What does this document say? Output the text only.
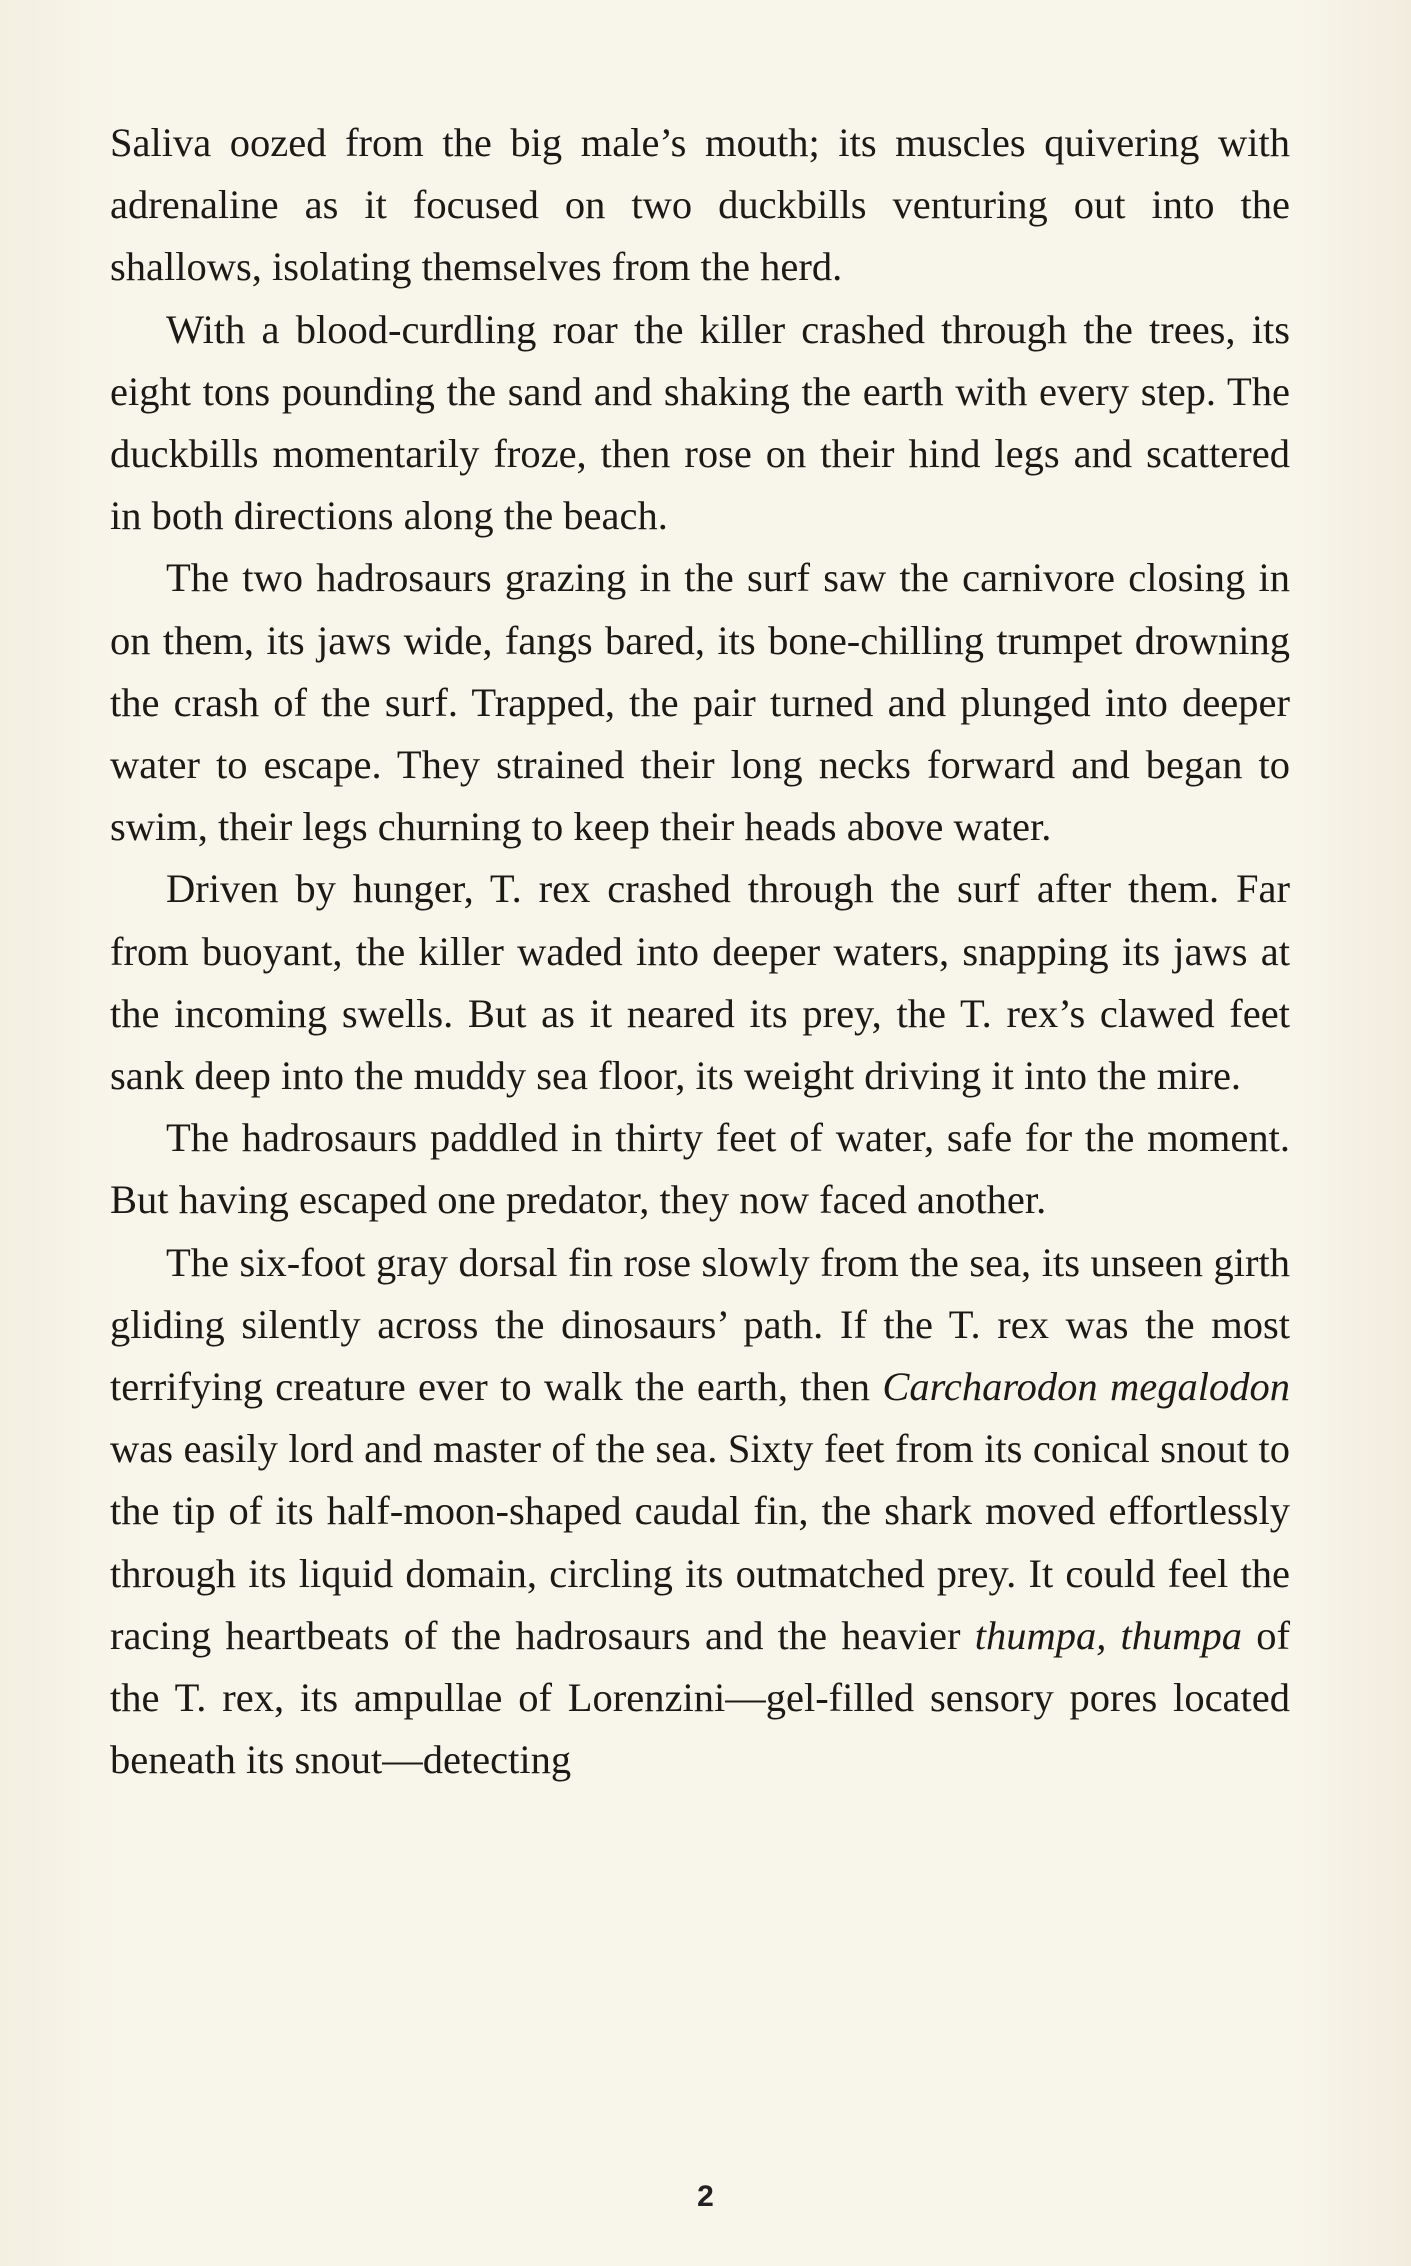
Saliva oozed from the big male’s mouth; its muscles quivering with adrenaline as it focused on two duckbills venturing out into the shallows, isolating themselves from the herd.

With a blood-curdling roar the killer crashed through the trees, its eight tons pounding the sand and shaking the earth with every step. The duckbills momentarily froze, then rose on their hind legs and scattered in both directions along the beach.

The two hadrosaurs grazing in the surf saw the carnivore closing in on them, its jaws wide, fangs bared, its bone-chilling trumpet drowning the crash of the surf. Trapped, the pair turned and plunged into deeper water to escape. They strained their long necks forward and began to swim, their legs churning to keep their heads above water.

Driven by hunger, T. rex crashed through the surf after them. Far from buoyant, the killer waded into deeper waters, snapping its jaws at the incoming swells. But as it neared its prey, the T. rex’s clawed feet sank deep into the muddy sea floor, its weight driving it into the mire.

The hadrosaurs paddled in thirty feet of water, safe for the moment. But having escaped one predator, they now faced another.

The six-foot gray dorsal fin rose slowly from the sea, its unseen girth gliding silently across the dinosaurs’ path. If the T. rex was the most terrifying creature ever to walk the earth, then Carcharodon megalodon was easily lord and master of the sea. Sixty feet from its conical snout to the tip of its half-moon-shaped caudal fin, the shark moved effortlessly through its liquid domain, circling its outmatched prey. It could feel the racing heartbeats of the hadrosaurs and the heavier thumpa, thumpa of the T. rex, its ampullae of Lorenzini—gel-filled sensory pores located beneath its snout—detecting

2
